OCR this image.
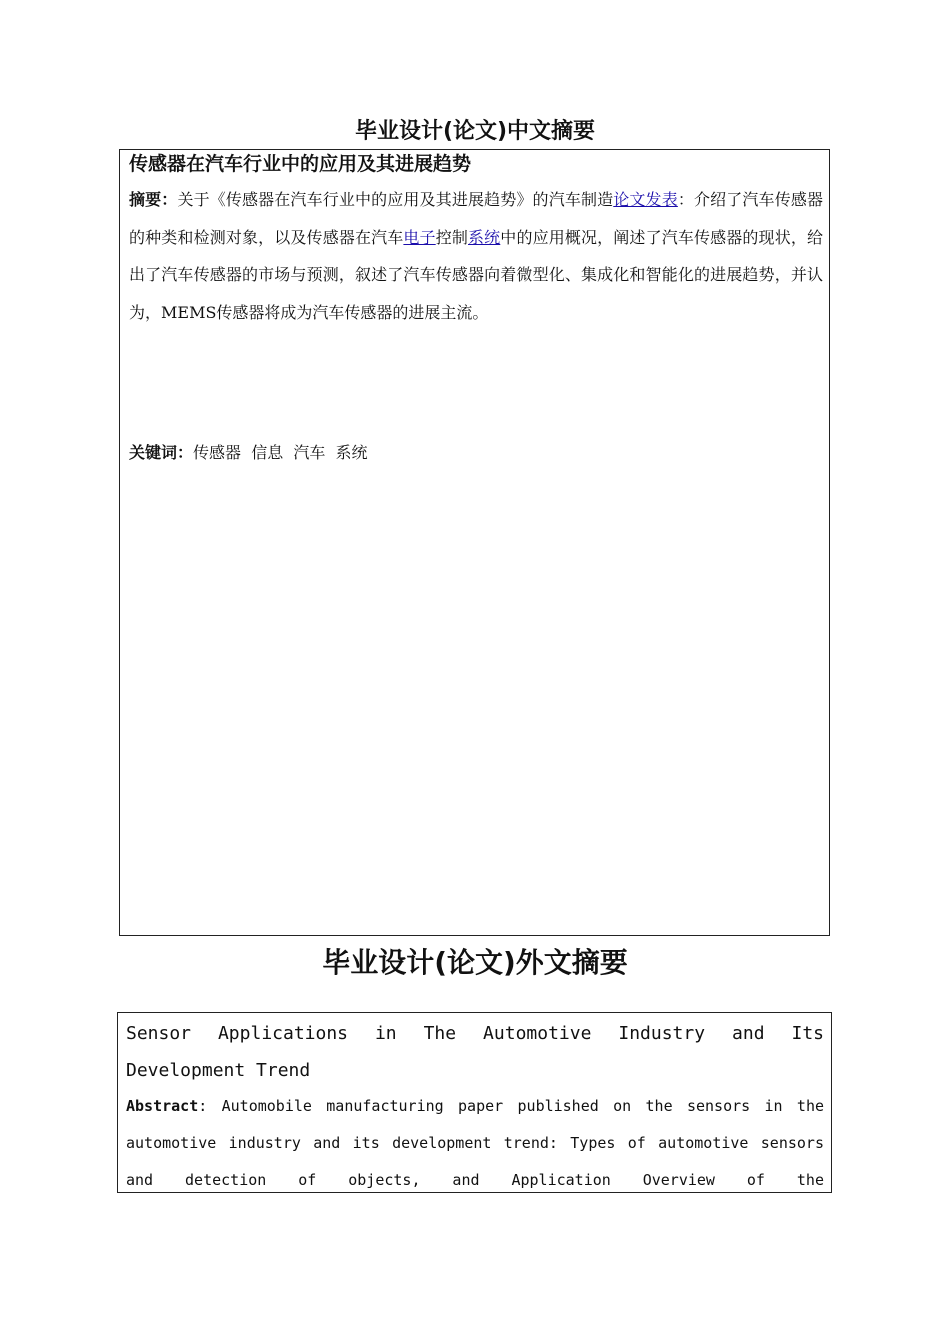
毕业设计(论文)中文摘要
传感器在汽车行业中的应用及其进展趋势
摘要：关于《传感器在汽车行业中的应用及其进展趋势》的汽车制造论文发表：介绍了汽车传感器的种类和检测对象，以及传感器在汽车电子控制系统中的应用概况，阐述了汽车传感器的现状，给出了汽车传感器的市场与预测，叙述了汽车传感器向着微型化、集成化和智能化的进展趋势，并认为，MEMS传感器将成为汽车传感器的进展主流。
关键词：传感器  信息  汽车  系统
毕业设计(论文)外文摘要
Sensor Applications in The Automotive Industry and Its
Development Trend
Abstract: Automobile manufacturing paper published on the sensors in the automotive industry and its development trend: Types of automotive sensors and detection of objects, and Application Overview of the
